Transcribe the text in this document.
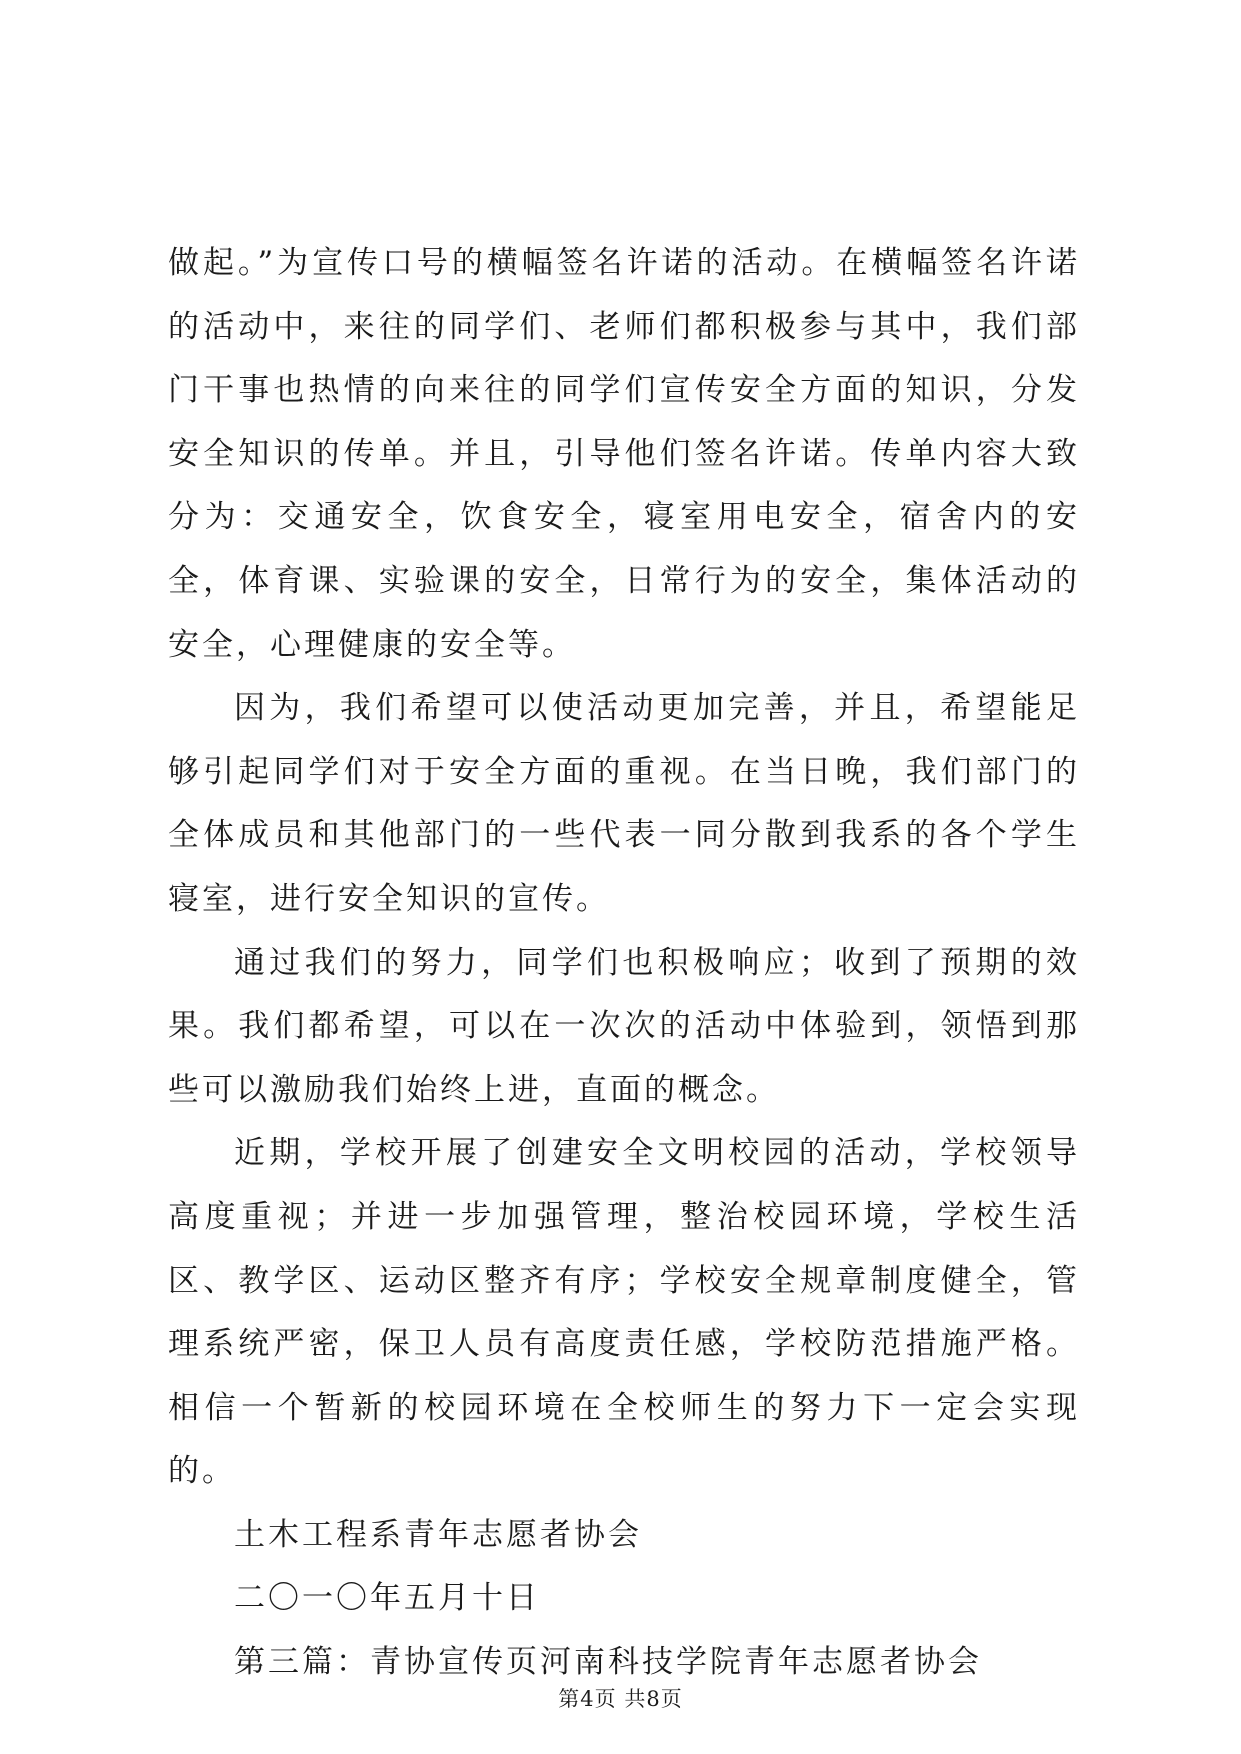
做起。”为宣传口号的横幅签名许诺的活动。在横幅签名许诺的活动中，来往的同学们、老师们都积极参与其中，我们部门干事也热情的向来往的同学们宣传安全方面的知识，分发安全知识的传单。并且，引导他们签名许诺。传单内容大致分为：交通安全，饮食安全，寝室用电安全，宿舍内的安全，体育课、实验课的安全，日常行为的安全，集体活动的安全，心理健康的安全等。

因为，我们希望可以使活动更加完善，并且，希望能足够引起同学们对于安全方面的重视。在当日晚，我们部门的全体成员和其他部门的一些代表一同分散到我系的各个学生寝室，进行安全知识的宣传。

通过我们的努力，同学们也积极响应；收到了预期的效果。我们都希望，可以在一次次的活动中体验到，领悟到那些可以激励我们始终上进，直面的概念。

近期，学校开展了创建安全文明校园的活动，学校领导高度重视；并进一步加强管理，整治校园环境，学校生活区、教学区、运动区整齐有序；学校安全规章制度健全，管理系统严密，保卫人员有高度责任感，学校防范措施严格。相信一个暂新的校园环境在全校师生的努力下一定会实现的。

土木工程系青年志愿者协会

二〇一〇年五月十日

第三篇：青协宣传页河南科技学院青年志愿者协会

第4页 共8页
